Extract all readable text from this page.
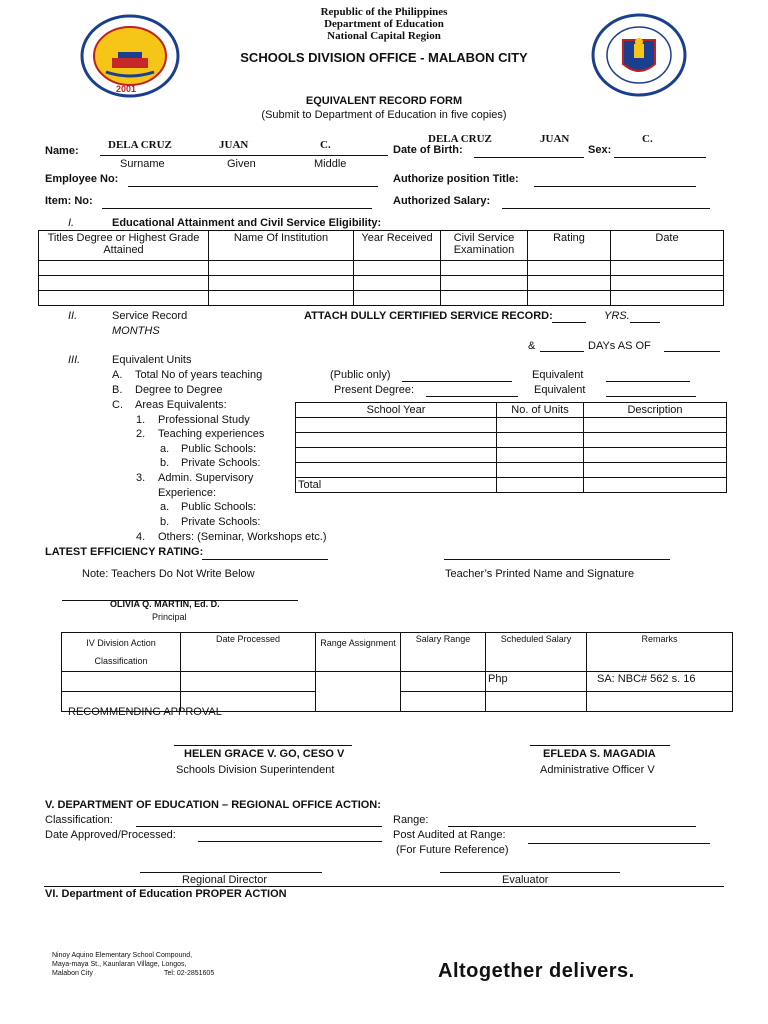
2001
Republic of the Philippines
Department of Education
National Capital Region
SCHOOLS DIVISION OFFICE - MALABON CITY
EQUIVALENT RECORD FORM
(Submit to Department of Education in five copies)
Name:	DELA CRUZ	JUAN	C.
Surname	Given	Middle
DELA CRUZ	JUAN	C.
Date of Birth:	Sex:
Employee No:	Authorize position Title:
Item: No:	Authorized Salary:
I.	Educational Attainment and Civil Service Eligibility:
Titles Degree or Highest Grade Attained	Name Of Institution	Year Received	Civil Service Examination	Rating	Date

II.	Service Record	ATTACH DULLY CERTIFIED SERVICE RECORD:	YRS.
MONTHS
&	DAYs AS OF
III.	Equivalent Units
A. Total No of years teaching	(Public only)	Equivalent
B. Degree to Degree	Present Degree:	Equivalent
C. Areas Equivalents:
1. Professional Study
2. Teaching experiences
a. Public Schools:
b. Private Schools:
3. Admin. Supervisory
Experience:
a. Public Schools:
b. Private Schools:
4. Others: (Seminar, Workshops etc.)
School Year	No. of Units	Description

Total		
LATEST EFFICIENCY RATING:
Note: Teachers Do Not Write Below	Teacher’s Printed Name and Signature
OLIVIA Q. MARTIN, Ed. D.
Principal
IV Division Action Classification	Date Processed	Range Assignment	Salary Range	Scheduled Salary	Remarks
				Php	SA: NBC# 562 s. 16

RECOMMENDING APPROVAL
HELEN GRACE V. GO, CESO V
Schools Division Superintendent
EFLEDA S. MAGADIA
Administrative Officer V
V. DEPARTMENT OF EDUCATION – REGIONAL OFFICE ACTION:
Classification:	Range:
Date Approved/Processed:	Post Audited at Range:
(For Future Reference)
Regional Director	Evaluator
VI. Department of Education PROPER ACTION
Ninoy Aquino Elementary School Compound,
Maya-maya St., Kaunlaran Village, Longos,
Malabon City	Tel: 02-2851605	Altogether delivers.
